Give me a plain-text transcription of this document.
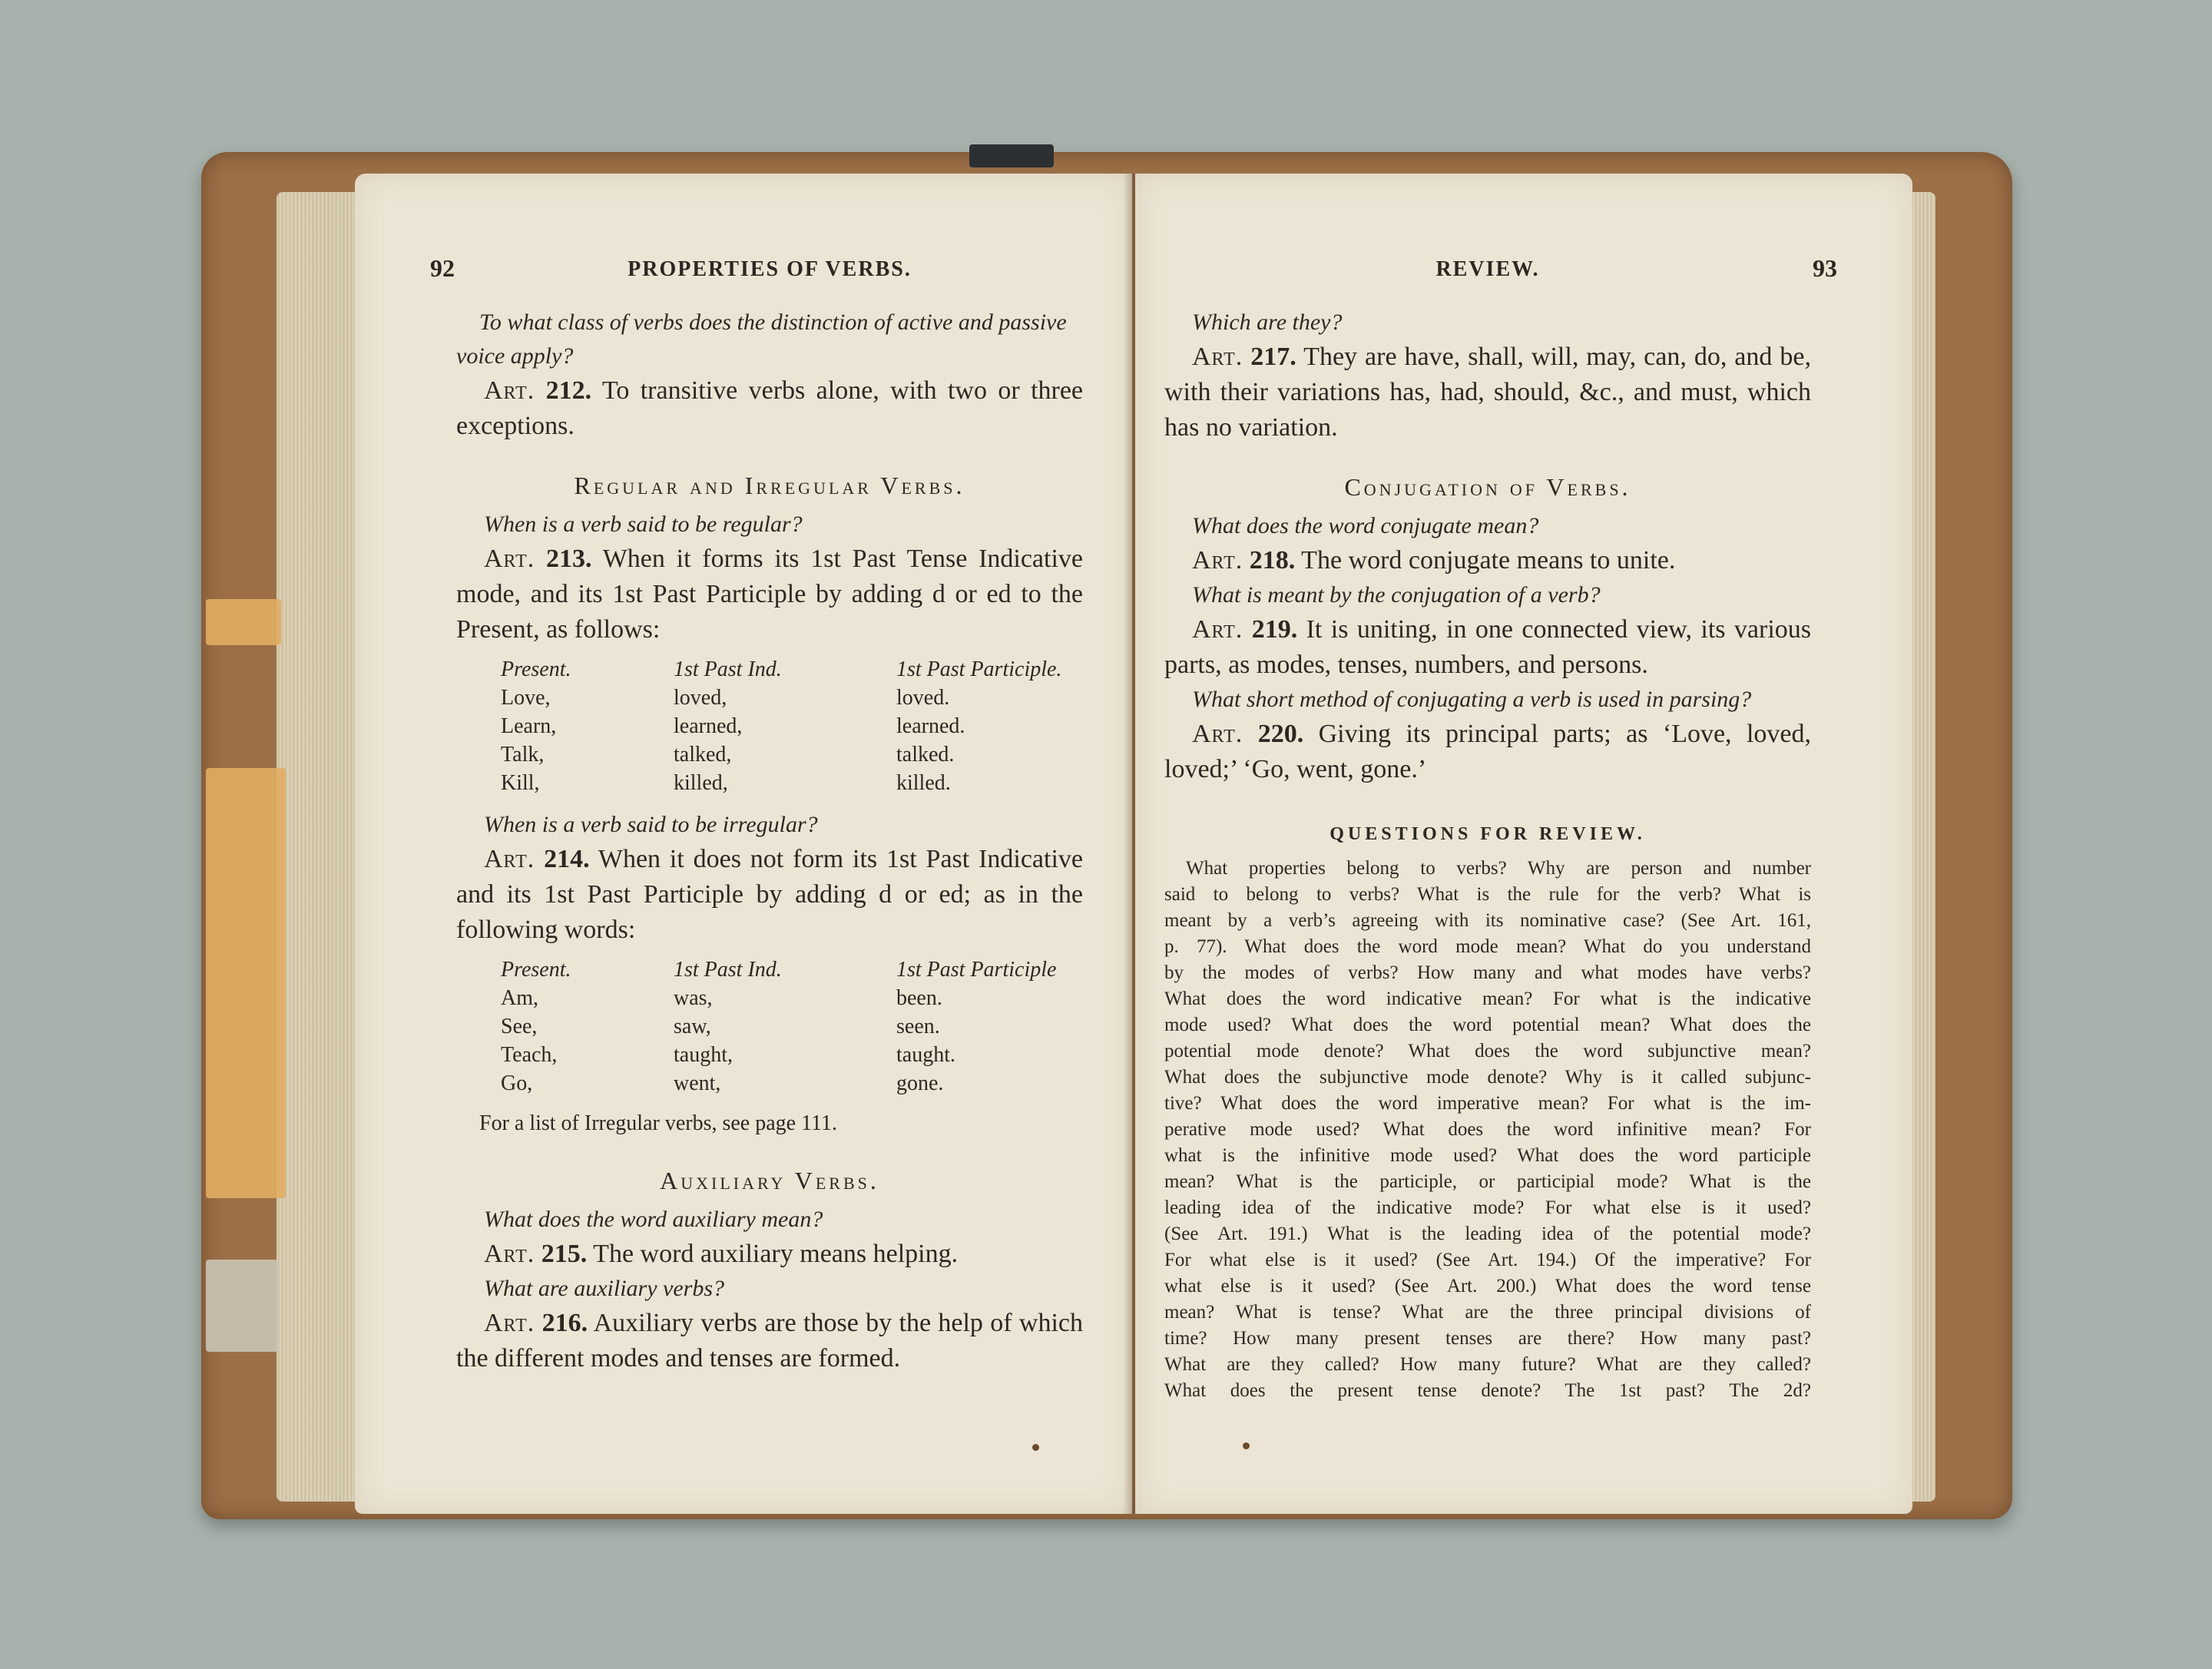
92	PROPERTIES OF VERBS.

To what class of verbs does the distinction of active and passive voice apply?

Art. 212. To transitive verbs alone, with two or three exceptions.

Regular and Irregular Verbs.

When is a verb said to be regular?

Art. 213. When it forms its 1st Past Tense Indicative mode, and its 1st Past Participle by adding d or ed to the Present, as follows:

Present.	1st Past Ind.	1st Past Participle.
Love,	loved,	loved.
Learn,	learned,	learned.
Talk,	talked,	talked.
Kill,	killed,	killed.

When is a verb said to be irregular?

Art. 214. When it does not form its 1st Past Indicative and its 1st Past Participle by adding d or ed; as in the following words:

Present.	1st Past Ind.	1st Past Participle
Am,	was,	been.
See,	saw,	seen.
Teach,	taught,	taught.
Go,	went,	gone.

For a list of Irregular verbs, see page 111.

Auxiliary Verbs.

What does the word auxiliary mean?

Art. 215. The word auxiliary means helping.

What are auxiliary verbs?

Art. 216. Auxiliary verbs are those by the help of which the different modes and tenses are formed.

REVIEW.	93

Which are they?

Art. 217. They are have, shall, will, may, can, do, and be, with their variations has, had, should, &c., and must, which has no variation.

Conjugation of Verbs.

What does the word conjugate mean?

Art. 218. The word conjugate means to unite.

What is meant by the conjugation of a verb?

Art. 219. It is uniting, in one connected view, its various parts, as modes, tenses, numbers, and persons.

What short method of conjugating a verb is used in parsing?

Art. 220. Giving its principal parts; as ‘Love, loved, loved;’ ‘Go, went, gone.’

QUESTIONS FOR REVIEW.

What properties belong to verbs? Why are person and number
said to belong to verbs? What is the rule for the verb? What is
meant by a verb’s agreeing with its nominative case? (See Art. 161,
p. 77). What does the word mode mean? What do you understand
by the modes of verbs? How many and what modes have verbs?
What does the word indicative mean? For what is the indicative
mode used? What does the word potential mean? What does the
potential mode denote? What does the word subjunctive mean?
What does the subjunctive mode denote? Why is it called subjunc-
tive? What does the word imperative mean? For what is the im-
perative mode used? What does the word infinitive mean? For
what is the infinitive mode used? What does the word participle
mean? What is the participle, or participial mode? What is the
leading idea of the indicative mode? For what else is it used?
(See Art. 191.) What is the leading idea of the potential mode?
For what else is it used? (See Art. 194.) Of the imperative? For
what else is it used? (See Art. 200.) What does the word tense
mean? What is tense? What are the three principal divisions of
time? How many present tenses are there? How many past?
What are they called? How many future? What are they called?
What does the present tense denote? The 1st past? The 2d?
